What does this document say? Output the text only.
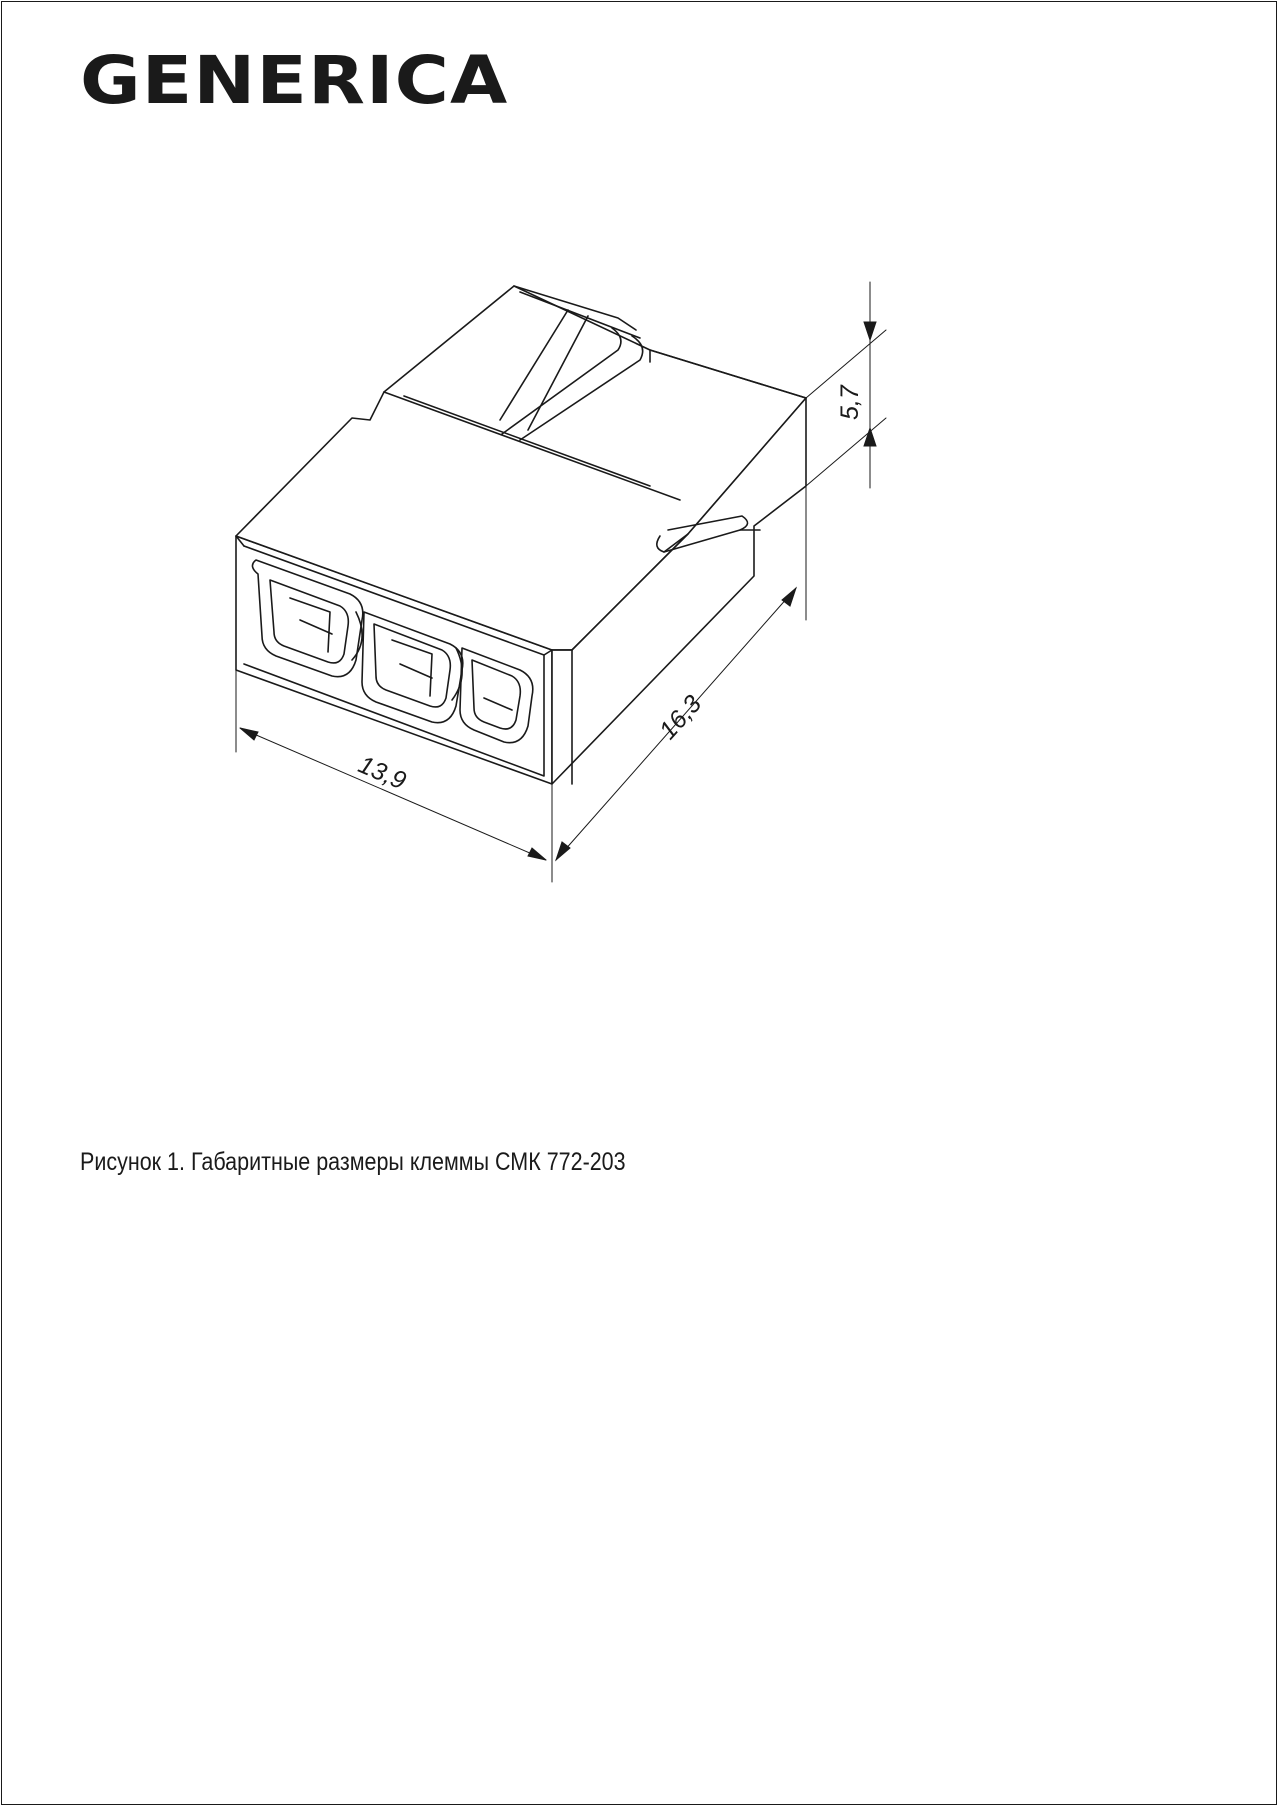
GENERICA
13,9
16,3
5,7
Рисунок 1. Габаритные размеры клеммы СМК 772-203
